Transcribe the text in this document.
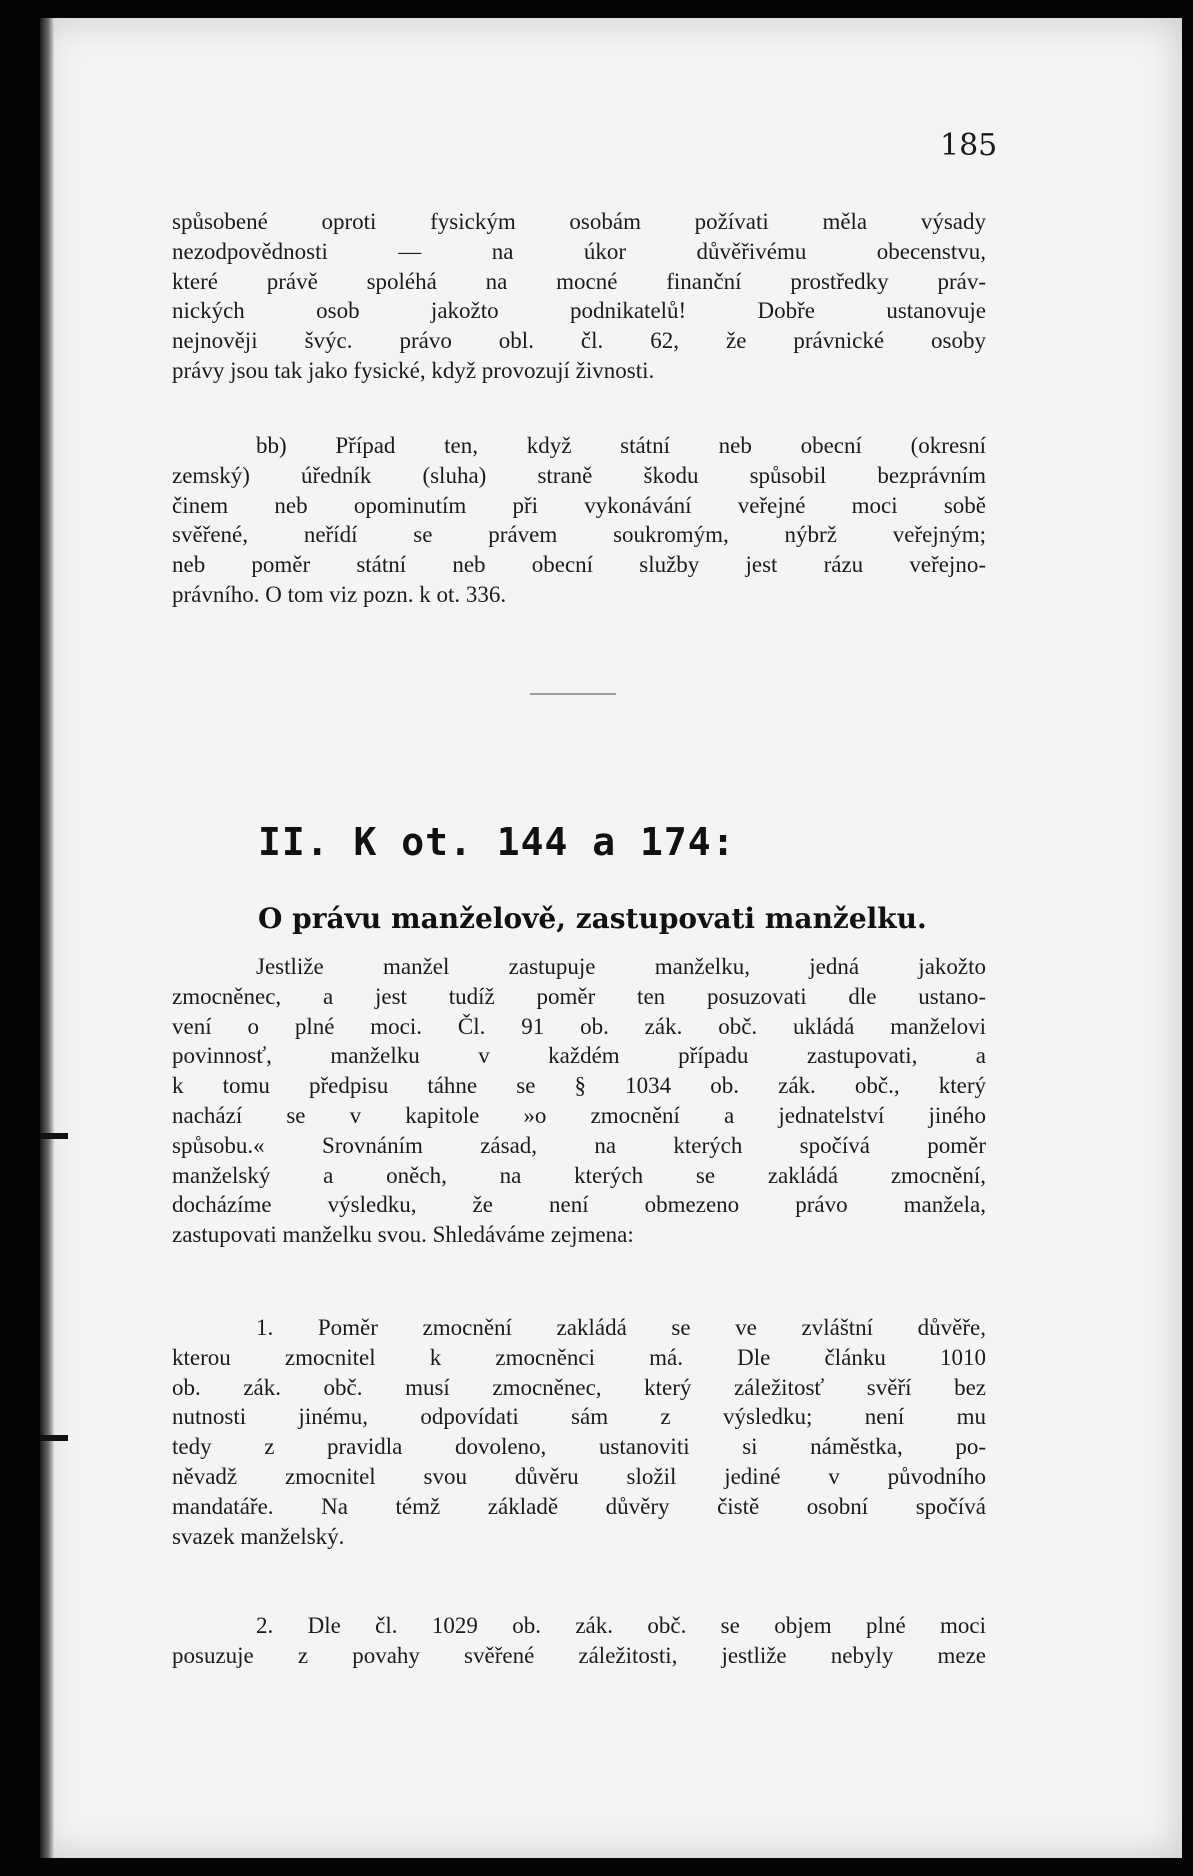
185
spůsobené oproti fysickým osobám požívati měla výsady
nezodpovědnosti — na úkor důvěřivému obecenstvu,
které právě spoléhá na mocné finanční prostředky práv-
nických osob jakožto podnikatelů! Dobře ustanovuje
nejnověji švýc. právo obl. čl. 62, že právnické osoby
právy jsou tak jako fysické, když provozují živnosti.
bb) Případ ten, když státní neb obecní (okresní
zemský) úředník (sluha) straně škodu spůsobil bezprávním
činem neb opominutím při vykonávání veřejné moci sobě
svěřené, neřídí se právem soukromým, nýbrž veřejným;
neb poměr státní neb obecní služby jest rázu veřejno-
právního. O tom viz pozn. k ot. 336.
II. K ot. 144 a 174:
O právu manželově, zastupovati manželku.
Jestliže manžel zastupuje manželku, jedná jakožto
zmocněnec, a jest tudíž poměr ten posuzovati dle ustano-
vení o plné moci. Čl. 91 ob. zák. obč. ukládá manželovi
povinnosť, manželku v každém případu zastupovati, a
k tomu předpisu táhne se § 1034 ob. zák. obč., který
nachází se v kapitole »o zmocnění a jednatelství jiného
spůsobu.« Srovnáním zásad, na kterých spočívá poměr
manželský a oněch, na kterých se zakládá zmocnění,
docházíme výsledku, že není obmezeno právo manžela,
zastupovati manželku svou. Shledáváme zejmena:
1. Poměr zmocnění zakládá se ve zvláštní důvěře,
kterou zmocnitel k zmocněnci má. Dle článku 1010
ob. zák. obč. musí zmocněnec, který záležitosť svěří bez
nutnosti jinému, odpovídati sám z výsledku; není mu
tedy z pravidla dovoleno, ustanoviti si náměstka, po-
něvadž zmocnitel svou důvěru složil jediné v původního
mandatáře. Na témž základě důvěry čistě osobní spočívá
svazek manželský.
2. Dle čl. 1029 ob. zák. obč. se objem plné moci
posuzuje z povahy svěřené záležitosti, jestliže nebyly meze
